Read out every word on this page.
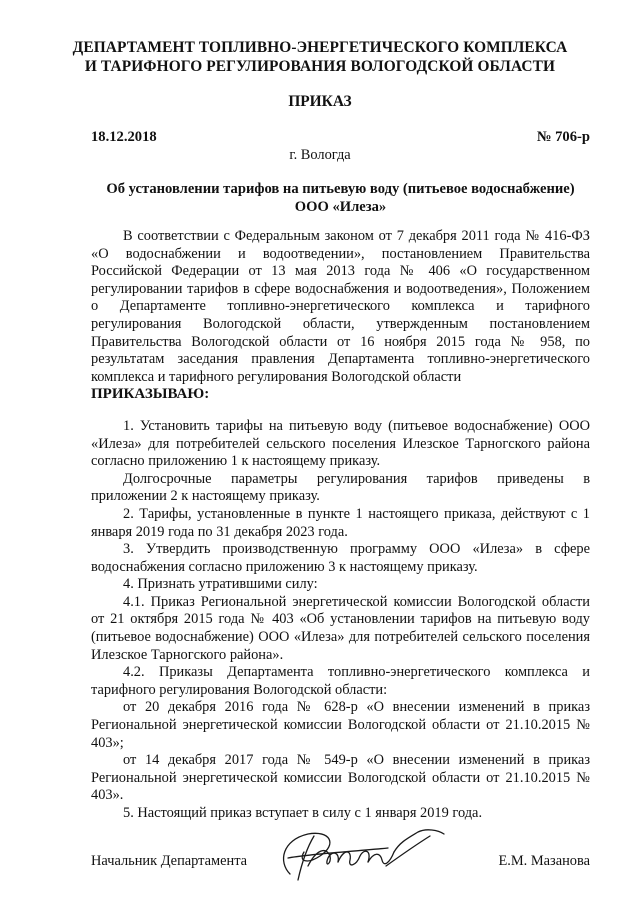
ДЕПАРТАМЕНТ ТОПЛИВНО-ЭНЕРГЕТИЧЕСКОГО КОМПЛЕКСА
И ТАРИФНОГО РЕГУЛИРОВАНИЯ ВОЛОГОДСКОЙ ОБЛАСТИ
ПРИКАЗ
18.12.2018	№ 706-р
г. Вологда
Об установлении тарифов на питьевую воду (питьевое водоснабжение)
ООО «Илеза»

В соответствии с Федеральным законом от 7 декабря 2011 года № 416-ФЗ «О водоснабжении и водоотведении», постановлением Правительства Российской Федерации от 13 мая 2013 года № 406 «О государственном регулировании тарифов в сфере водоснабжения и водоотведения», Положением о Департаменте топливно-энергетического комплекса и тарифного регулирования Вологодской области, утвержденным постановлением Правительства Вологодской области от 16 ноября 2015 года № 958, по результатам заседания правления Департамента топливно-энергетического комплекса и тарифного регулирования Вологодской области

ПРИКАЗЫВАЮ:

1. Установить тарифы на питьевую воду (питьевое водоснабжение) ООО «Илеза» для потребителей сельского поселения Илезское Тарногского района согласно приложению 1 к настоящему приказу.

Долгосрочные параметры регулирования тарифов приведены в приложении 2 к настоящему приказу.

2. Тарифы, установленные в пункте 1 настоящего приказа, действуют с 1 января 2019 года по 31 декабря 2023 года.

3. Утвердить производственную программу ООО «Илеза» в сфере водоснабжения согласно приложению 3 к настоящему приказу.

4. Признать утратившими силу:

4.1. Приказ Региональной энергетической комиссии Вологодской области от 21 октября 2015 года № 403 «Об установлении тарифов на питьевую воду (питьевое водоснабжение) ООО «Илеза» для потребителей сельского поселения Илезское Тарногского района».

4.2. Приказы Департамента топливно-энергетического комплекса и тарифного регулирования Вологодской области:

от 20 декабря 2016 года № 628-р «О внесении изменений в приказ Региональной энергетической комиссии Вологодской области от 21.10.2015 № 403»;

от 14 декабря 2017 года № 549-р «О внесении изменений в приказ Региональной энергетической комиссии Вологодской области от 21.10.2015 № 403».

5. Настоящий приказ вступает в силу с 1 января 2019 года.

Начальник Департамента	Е.М. Мазанова
